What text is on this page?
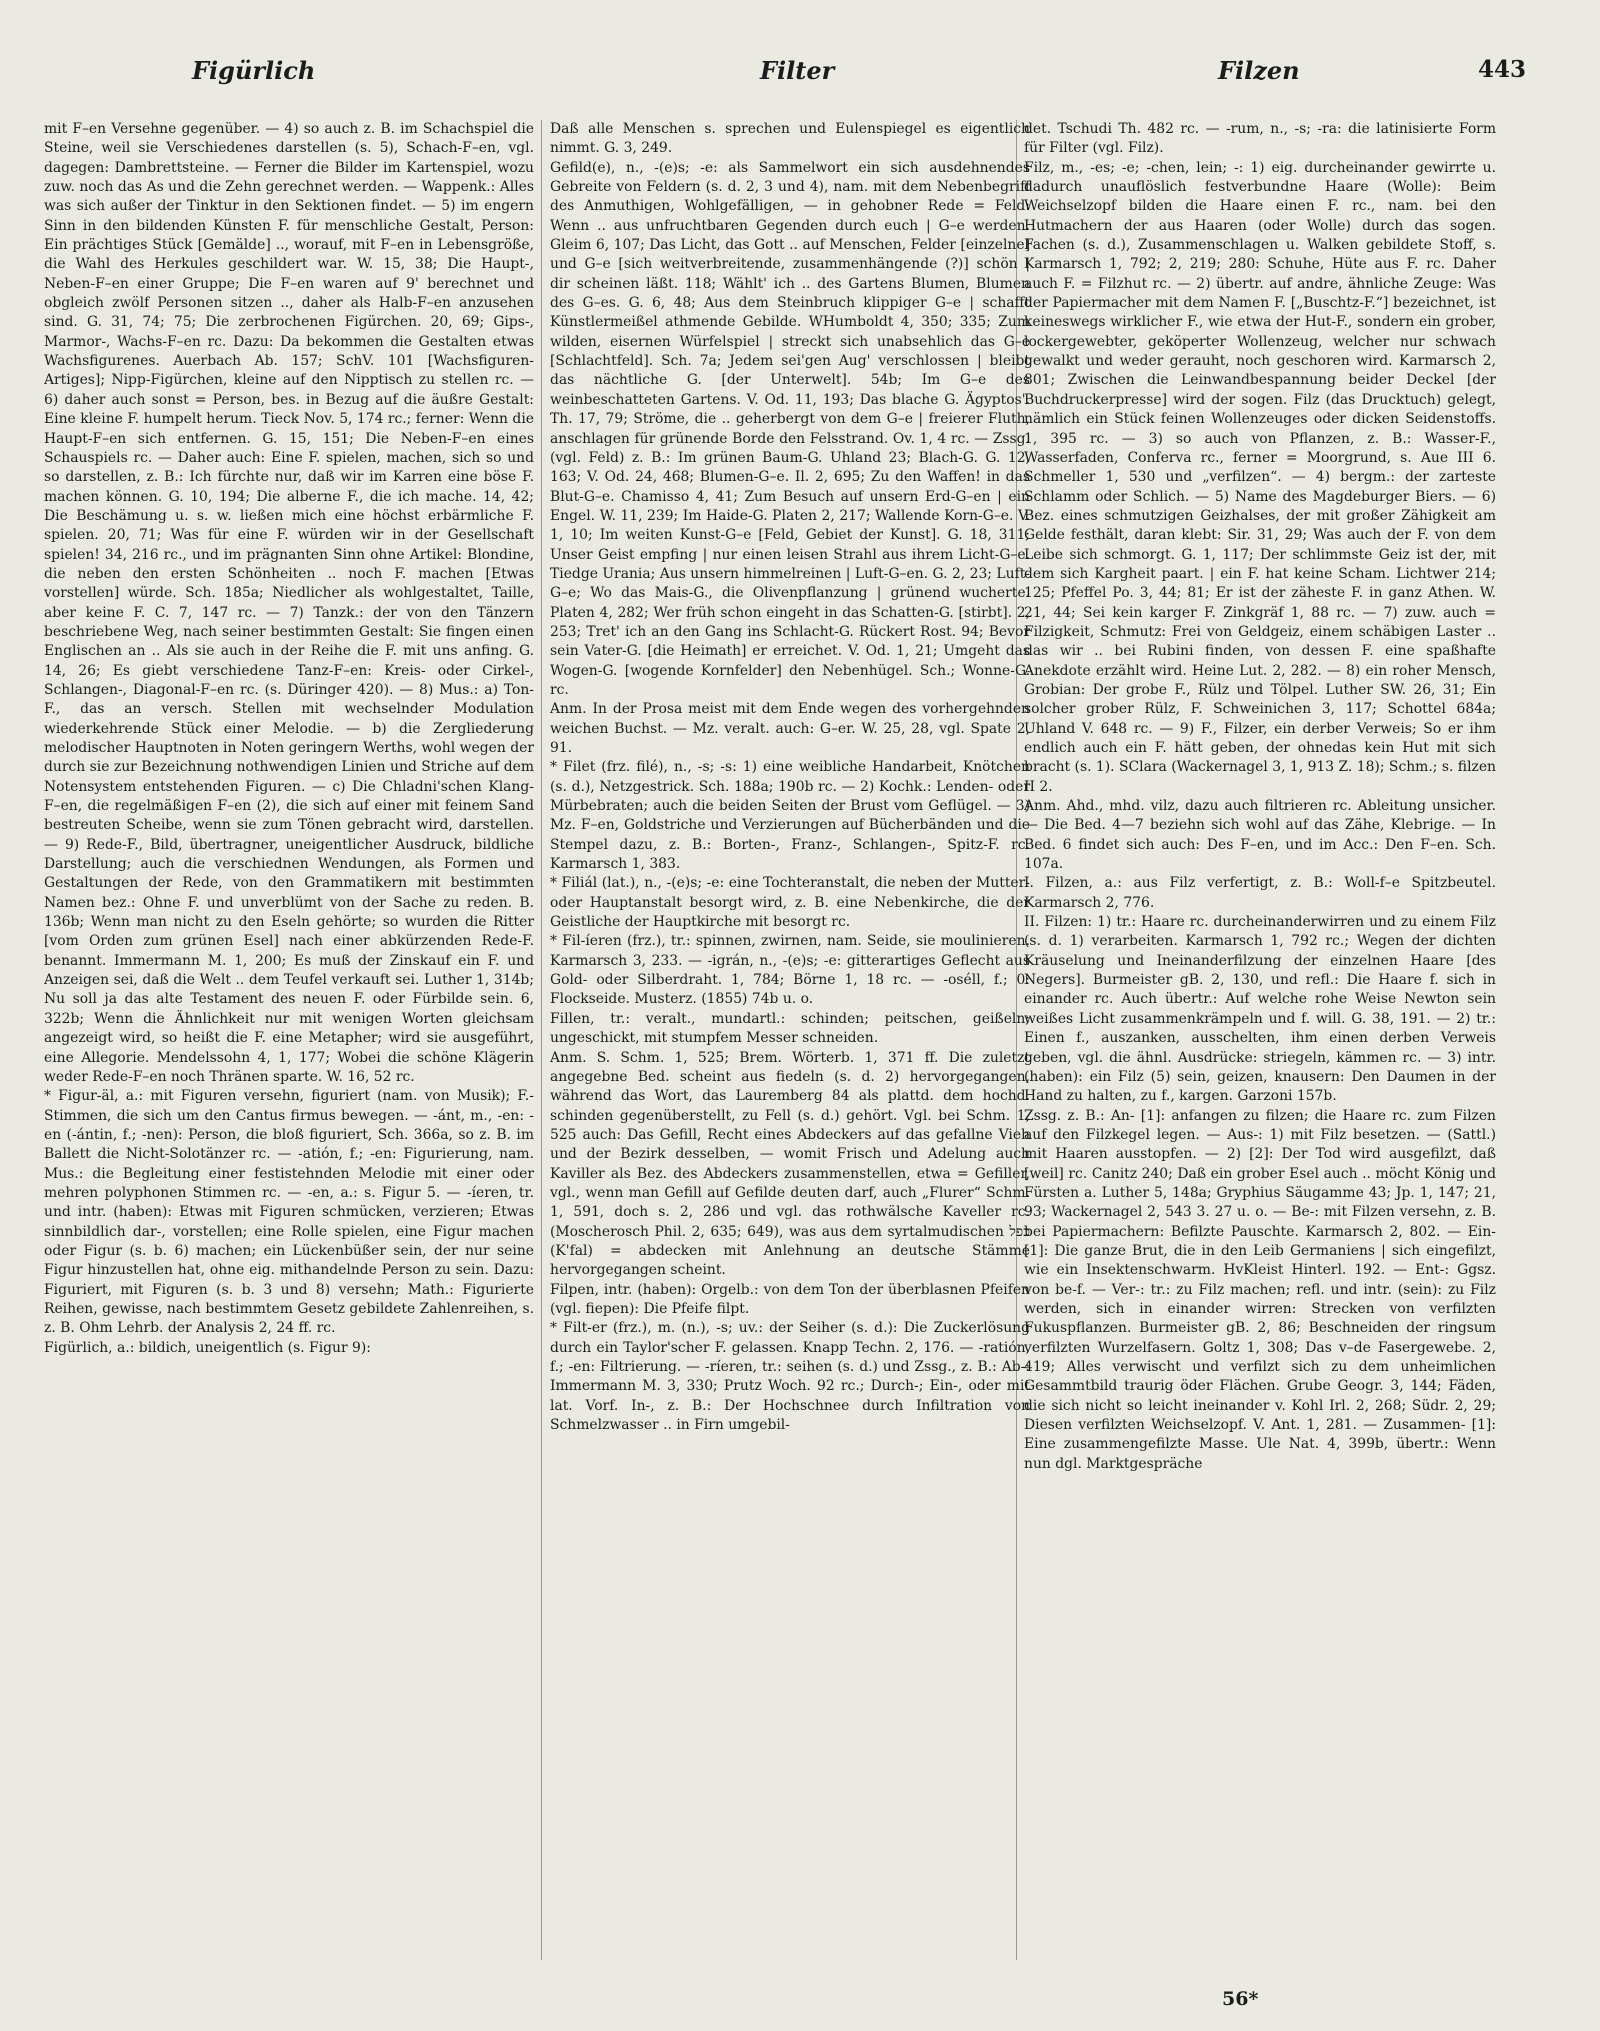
Figürlich	Filter	Filzen	443

mit F–en Versehne gegenüber. — 4) so auch z. B. im Schachspiel die Steine, weil sie Verschiedenes darstellen (s. 5), Schach-F–en, vgl. dagegen: Dambrettsteine. — Ferner die Bilder im Kartenspiel, wozu zuw. noch das As und die Zehn gerechnet werden. — Wappenk.: Alles was sich außer der Tinktur in den Sektionen findet. — 5) im engern Sinn in den bildenden Künsten F. für menschliche Gestalt, Person: Ein prächtiges Stück [Gemälde] .., worauf, mit F–en in Lebensgröße, die Wahl des Herkules geschildert war. W. 15, 38; Die Haupt-, Neben-F–en einer Gruppe; Die F–en waren auf 9' berechnet und obgleich zwölf Personen sitzen .., daher als Halb-F–en anzusehen sind. G. 31, 74; 75; Die zerbrochenen Figürchen. 20, 69; Gips-, Marmor-, Wachs-F–en rc. Dazu: Da bekommen die Gestalten etwas Wachsfigurenes. Auerbach Ab. 157; SchV. 101 [Wachsfiguren-Artiges]; Nipp-Figürchen, kleine auf den Nipptisch zu stellen rc. — 6) daher auch sonst = Person, bes. in Bezug auf die äußre Gestalt: Eine kleine F. humpelt herum. Tieck Nov. 5, 174 rc.; ferner: Wenn die Haupt-F–en sich entfernen. G. 15, 151; Die Neben-F–en eines Schauspiels rc. — Daher auch: Eine F. spielen, machen, sich so und so darstellen, z. B.: Ich fürchte nur, daß wir im Karren eine böse F. machen können. G. 10, 194; Die alberne F., die ich mache. 14, 42; Die Beschämung u. s. w. ließen mich eine höchst erbärmliche F. spielen. 20, 71; Was für eine F. würden wir in der Gesellschaft spielen! 34, 216 rc., und im prägnanten Sinn ohne Artikel: Blondine, die neben den ersten Schönheiten .. noch F. machen [Etwas vorstellen] würde. Sch. 185a; Niedlicher als wohlgestaltet, Taille, aber keine F. C. 7, 147 rc. — 7) Tanzk.: der von den Tänzern beschriebene Weg, nach seiner bestimmten Gestalt: Sie fingen einen Englischen an .. Als sie auch in der Reihe die F. mit uns anfing. G. 14, 26; Es giebt verschiedene Tanz-F–en: Kreis- oder Cirkel-, Schlangen-, Diagonal-F–en rc. (s. Düringer 420). — 8) Mus.: a) Ton-F., das an versch. Stellen mit wechselnder Modulation wiederkehrende Stück einer Melodie. — b) die Zergliederung melodischer Hauptnoten in Noten geringern Werths, wohl wegen der durch sie zur Bezeichnung nothwendigen Linien und Striche auf dem Notensystem entstehenden Figuren. — c) Die Chladni'schen Klang-F–en, die regelmäßigen F–en (2), die sich auf einer mit feinem Sand bestreuten Scheibe, wenn sie zum Tönen gebracht wird, darstellen. — 9) Rede-F., Bild, übertragner, uneigentlicher Ausdruck, bildliche Darstellung; auch die verschiednen Wendungen, als Formen und Gestaltungen der Rede, von den Grammatikern mit bestimmten Namen bez.: Ohne F. und unverblümt von der Sache zu reden. B. 136b; Wenn man nicht zu den Eseln gehörte; so wurden die Ritter [vom Orden zum grünen Esel] nach einer abkürzenden Rede-F. benannt. Immermann M. 1, 200; Es muß der Zinskauf ein F. und Anzeigen sei, daß die Welt .. dem Teufel verkauft sei. Luther 1, 314b; Nu soll ja das alte Testament des neuen F. oder Fürbilde sein. 6, 322b; Wenn die Ähnlichkeit nur mit wenigen Worten gleichsam angezeigt wird, so heißt die F. eine Metapher; wird sie ausgeführt, eine Allegorie. Mendelssohn 4, 1, 177; Wobei die schöne Klägerin weder Rede-F–en noch Thränen sparte. W. 16, 52 rc.

* Figur-äl, a.: mit Figuren versehn, figuriert (nam. von Musik); F.-Stimmen, die sich um den Cantus firmus bewegen. — -ánt, m., -en: -en (-ántin, f.; -nen): Person, die bloß figuriert, Sch. 366a, so z. B. im Ballett die Nicht-Solotänzer rc. — -atión, f.; -en: Figurierung, nam. Mus.: die Begleitung einer festistehnden Melodie mit einer oder mehren polyphonen Stimmen rc. — -en, a.: s. Figur 5. — -íeren, tr. und intr. (haben): Etwas mit Figuren schmücken, verzieren; Etwas sinnbildlich dar-, vorstellen; eine Rolle spielen, eine Figur machen oder Figur (s. b. 6) machen; ein Lückenbüßer sein, der nur seine Figur hinzustellen hat, ohne eig. mithandelnde Person zu sein. Dazu: Figuriert, mit Figuren (s. b. 3 und 8) versehn; Math.: Figurierte Reihen, gewisse, nach bestimmtem Gesetz gebildete Zahlenreihen, s. z. B. Ohm Lehrb. der Analysis 2, 24 ff. rc.

Figürlich, a.: bildich, uneigentlich (s. Figur 9):

Daß alle Menschen s. sprechen und Eulenspiegel es eigentlich nimmt. G. 3, 249.

Gefild(e), n., -(e)s; -e: als Sammelwort ein sich ausdehnendes Gebreite von Feldern (s. d. 2, 3 und 4), nam. mit dem Nebenbegriff des Anmuthigen, Wohlgefälligen, — in gehobner Rede = Feld: Wenn .. aus unfruchtbaren Gegenden durch euch | G–e werden. Gleim 6, 107; Das Licht, das Gott .. auf Menschen, Felder [einzelne] und G–e [sich weitverbreitende, zusammenhängende (?)] schön | dir scheinen läßt. 118; Wählt' ich .. des Gartens Blumen, Blumen des G–es. G. 6, 48; Aus dem Steinbruch klippiger G–e | schafft Künstlermeißel athmende Gebilde. WHumboldt 4, 350; 335; Zum wilden, eisernen Würfelspiel | streckt sich unabsehlich das G–e [Schlachtfeld]. Sch. 7a; Jedem sei'gen Aug' verschlossen | bleibt das nächtliche G. [der Unterwelt]. 54b; Im G–e des weinbeschatteten Gartens. V. Od. 11, 193; Das blache G. Ägyptos'. Th. 17, 79; Ströme, die .. geherbergt von dem G–e | freierer Fluth, anschlagen für grünende Borde den Felsstrand. Ov. 1, 4 rc. — Zssg. (vgl. Feld) z. B.: Im grünen Baum-G. Uhland 23; Blach-G. G. 12, 163; V. Od. 24, 468; Blumen-G–e. Il. 2, 695; Zu den Waffen! in das Blut-G–e. Chamisso 4, 41; Zum Besuch auf unsern Erd-G–en | ein Engel. W. 11, 239; Im Haide-G. Platen 2, 217; Wallende Korn-G–e. V. 1, 10; Im weiten Kunst-G–e [Feld, Gebiet der Kunst]. G. 18, 311; Unser Geist empfing | nur einen leisen Strahl aus ihrem Licht-G–e. Tiedge Urania; Aus unsern himmelreinen | Luft-G–en. G. 2, 23; Luft-G–e; Wo das Mais-G., die Olivenpflanzung | grünend wucherte. Platen 4, 282; Wer früh schon eingeht in das Schatten-G. [stirbt]. 2, 253; Tret' ich an den Gang ins Schlacht-G. Rückert Rost. 94; Bevor sein Vater-G. [die Heimath] er erreichet. V. Od. 1, 21; Umgeht das Wogen-G. [wogende Kornfelder] den Nebenhügel. Sch.; Wonne-G. rc.

Anm. In der Prosa meist mit dem Ende wegen des vorhergehnden weichen Buchst. — Mz. veralt. auch: G–er. W. 25, 28, vgl. Spate 2, 91.

* Filet (frz. filé), n., -s; -s: 1) eine weibliche Handarbeit, Knötchen (s. d.), Netzgestrick. Sch. 188a; 190b rc. — 2) Kochk.: Lenden- oder Mürbebraten; auch die beiden Seiten der Brust vom Geflügel. — 3) Mz. F–en, Goldstriche und Verzierungen auf Bücherbänden und die Stempel dazu, z. B.: Borten-, Franz-, Schlangen-, Spitz-F. rc. Karmarsch 1, 383.

* Filiál (lat.), n., -(e)s; -e: eine Tochteranstalt, die neben der Mutter- oder Hauptanstalt besorgt wird, z. B. eine Nebenkirche, die der Geistliche der Hauptkirche mit besorgt rc.

* Fil-íeren (frz.), tr.: spinnen, zwirnen, nam. Seide, sie moulinieren. Karmarsch 3, 233. — -igrán, n., -(e)s; -e: gitterartiges Geflecht aus Gold- oder Silberdraht. 1, 784; Börne 1, 18 rc. — -oséll, f.; 0: Flockseide. Musterz. (1855) 74b u. o.

Fillen, tr.: veralt., mundartl.: schinden; peitschen, geißeln; ungeschickt, mit stumpfem Messer schneiden.

Anm. S. Schm. 1, 525; Brem. Wörterb. 1, 371 ff. Die zuletzt angegebne Bed. scheint aus fiedeln (s. d. 2) hervorgegangen, während das Wort, das Lauremberg 84 als plattd. dem hochd. schinden gegenüberstellt, zu Fell (s. d.) gehört. Vgl. bei Schm. 1, 525 auch: Das Gefill, Recht eines Abdeckers auf das gefallne Vieh und der Bezirk desselben, — womit Frisch und Adelung auch Kaviller als Bez. des Abdeckers zusammenstellen, etwa = Gefiller, vgl., wenn man Gefill auf Gefilde deuten darf, auch „Flurer“ Schm. 1, 591, doch s. 2, 286 und vgl. das rothwälsche Kaveller rc. (Moscherosch Phil. 2, 635; 649), was aus dem syrtalmudischen כפל (K'fal) = abdecken mit Anlehnung an deutsche Stämme hervorgegangen scheint.

Filpen, intr. (haben): Orgelb.: von dem Ton der überblasnen Pfeifen (vgl. fiepen): Die Pfeife filpt.

* Filt-er (frz.), m. (n.), -s; uv.: der Seiher (s. d.): Die Zuckerlösung durch ein Taylor'scher F. gelassen. Knapp Techn. 2, 176. — -ratión, f.; -en: Filtrierung. — -ríeren, tr.: seihen (s. d.) und Zssg., z. B.: Ab-: Immermann M. 3, 330; Prutz Woch. 92 rc.; Durch-; Ein-, oder mit lat. Vorf. In-, z. B.: Der Hochschnee durch Infiltration von Schmelzwasser .. in Firn umgebil-

det. Tschudi Th. 482 rc. — -rum, n., -s; -ra: die latinisierte Form für Filter (vgl. Filz).

Filz, m., -es; -e; -chen, lein; -: 1) eig. durcheinander gewirrte u. dadurch unauflöslich festverbundne Haare (Wolle): Beim Weichselzopf bilden die Haare einen F. rc., nam. bei den Hutmachern der aus Haaren (oder Wolle) durch das sogen. Fachen (s. d.), Zusammenschlagen u. Walken gebildete Stoff, s. Karmarsch 1, 792; 2, 219; 280: Schuhe, Hüte aus F. rc. Daher auch F. = Filzhut rc. — 2) übertr. auf andre, ähnliche Zeuge: Was der Papiermacher mit dem Namen F. [„Buschtz-F.“] bezeichnet, ist keineswegs wirklicher F., wie etwa der Hut-F., sondern ein grober, lockergewebter, geköperter Wollenzeug, welcher nur schwach gewalkt und weder gerauht, noch geschoren wird. Karmarsch 2, 801; Zwischen die Leinwandbespannung beider Deckel [der Buchdruckerpresse] wird der sogen. Filz (das Drucktuch) gelegt, nämlich ein Stück feinen Wollenzeuges oder dicken Seidenstoffs. 1, 395 rc. — 3) so auch von Pflanzen, z. B.: Wasser-F., Wasserfaden, Conferva rc., ferner = Moorgrund, s. Aue III 6. Schmeller 1, 530 und „verfilzen“. — 4) bergm.: der zarteste Schlamm oder Schlich. — 5) Name des Magdeburger Biers. — 6) Bez. eines schmutzigen Geizhalses, der mit großer Zähigkeit am Gelde festhält, daran klebt: Sir. 31, 29; Was auch der F. von dem Leibe sich schmorgt. G. 1, 117; Der schlimmste Geiz ist der, mit dem sich Kargheit paart. | ein F. hat keine Scham. Lichtwer 214; 125; Pfeffel Po. 3, 44; 81; Er ist der zäheste F. in ganz Athen. W. 21, 44; Sei kein karger F. Zinkgräf 1, 88 rc. — 7) zuw. auch = Filzigkeit, Schmutz: Frei von Geldgeiz, einem schäbigen Laster .. das wir .. bei Rubini finden, von dessen F. eine spaßhafte Anekdote erzählt wird. Heine Lut. 2, 282. — 8) ein roher Mensch, Grobian: Der grobe F., Rülz und Tölpel. Luther SW. 26, 31; Ein solcher grober Rülz, F. Schweinichen 3, 117; Schottel 684a; Uhland V. 648 rc. — 9) F., Filzer, ein derber Verweis; So er ihm endlich auch ein F. hätt geben, der ohnedas kein Hut mit sich bracht (s. 1). SClara (Wackernagel 3, 1, 913 Z. 18); Schm.; s. filzen II 2.

Anm. Ahd., mhd. vilz, dazu auch filtrieren rc. Ableitung unsicher. — Die Bed. 4—7 beziehn sich wohl auf das Zähe, Klebrige. — In Bed. 6 findet sich auch: Des F–en, und im Acc.: Den F–en. Sch. 107a.

I. Filzen, a.: aus Filz verfertigt, z. B.: Woll-f–e Spitzbeutel. Karmarsch 2, 776.

II. Filzen: 1) tr.: Haare rc. durcheinanderwirren und zu einem Filz (s. d. 1) verarbeiten. Karmarsch 1, 792 rc.; Wegen der dichten Kräuselung und Ineinanderfilzung der einzelnen Haare [des Negers]. Burmeister gB. 2, 130, und refl.: Die Haare f. sich in einander rc. Auch übertr.: Auf welche rohe Weise Newton sein weißes Licht zusammenkrämpeln und f. will. G. 38, 191. — 2) tr.: Einen f., auszanken, ausschelten, ihm einen derben Verweis geben, vgl. die ähnl. Ausdrücke: striegeln, kämmen rc. — 3) intr. (haben): ein Filz (5) sein, geizen, knausern: Den Daumen in der Hand zu halten, zu f., kargen. Garzoni 157b.

Zssg. z. B.: An- [1]: anfangen zu filzen; die Haare rc. zum Filzen auf den Filzkegel legen. — Aus-: 1) mit Filz besetzen. — (Sattl.) mit Haaren ausstopfen. — 2) [2]: Der Tod wird ausgefilzt, daß [weil] rc. Canitz 240; Daß ein grober Esel auch .. möcht König und Fürsten a. Luther 5, 148a; Gryphius Säugamme 43; Jp. 1, 147; 21, 93; Wackernagel 2, 543 3. 27 u. o. — Be-: mit Filzen versehn, z. B. bei Papiermachern: Befilzte Pauschte. Karmarsch 2, 802. — Ein- [1]: Die ganze Brut, die in den Leib Germaniens | sich eingefilzt, wie ein Insektenschwarm. HvKleist Hinterl. 192. — Ent-: Ggsz. von be-f. — Ver-: tr.: zu Filz machen; refl. und intr. (sein): zu Filz werden, sich in einander wirren: Strecken von verfilzten Fukuspflanzen. Burmeister gB. 2, 86; Beschneiden der ringsum verfilzten Wurzelfasern. Goltz 1, 308; Das v–de Fasergewebe. 2, 419; Alles verwischt und verfilzt sich zu dem unheimlichen Gesammtbild traurig öder Flächen. Grube Geogr. 3, 144; Fäden, die sich nicht so leicht ineinander v. Kohl Irl. 2, 268; Südr. 2, 29; Diesen verfilzten Weichselzopf. V. Ant. 1, 281. — Zusammen- [1]: Eine zusammengefilzte Masse. Ule Nat. 4, 399b, übertr.: Wenn nun dgl. Marktgespräche

56*
